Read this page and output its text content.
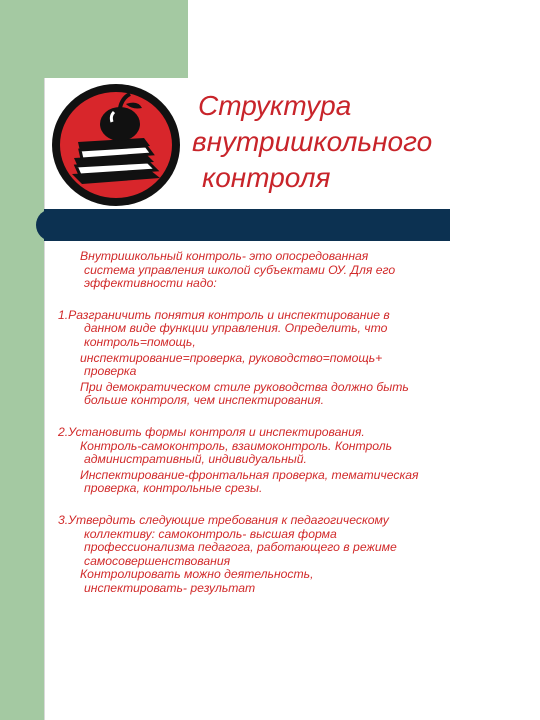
Структура
внутришкольного
контроля
Внутришкольный контроль- это опосредованная
система управления школой субъектами ОУ. Для его
эффективности надо:
1.Разграничить понятия контроль и инспектирование в
данном виде функции управления. Определить, что
контроль=помощь,
инспектирование=проверка, руководство=помощь+
проверка
При демократическом стиле руководства должно быть
больше контроля, чем инспектирования.
2.Установить формы контроля и инспектирования.
Контроль-самоконтроль, взаимоконтроль. Контроль
административный, индивидуальный.
Инспектирование-фронтальная проверка, тематическая
проверка, контрольные срезы.
3.Утвердить следующие требования к педагогическому
коллективу: самоконтроль- высшая форма
профессионализма педагога, работающего в режиме
самосовершенствования
Контролировать можно деятельность,
инспектировать- результат
